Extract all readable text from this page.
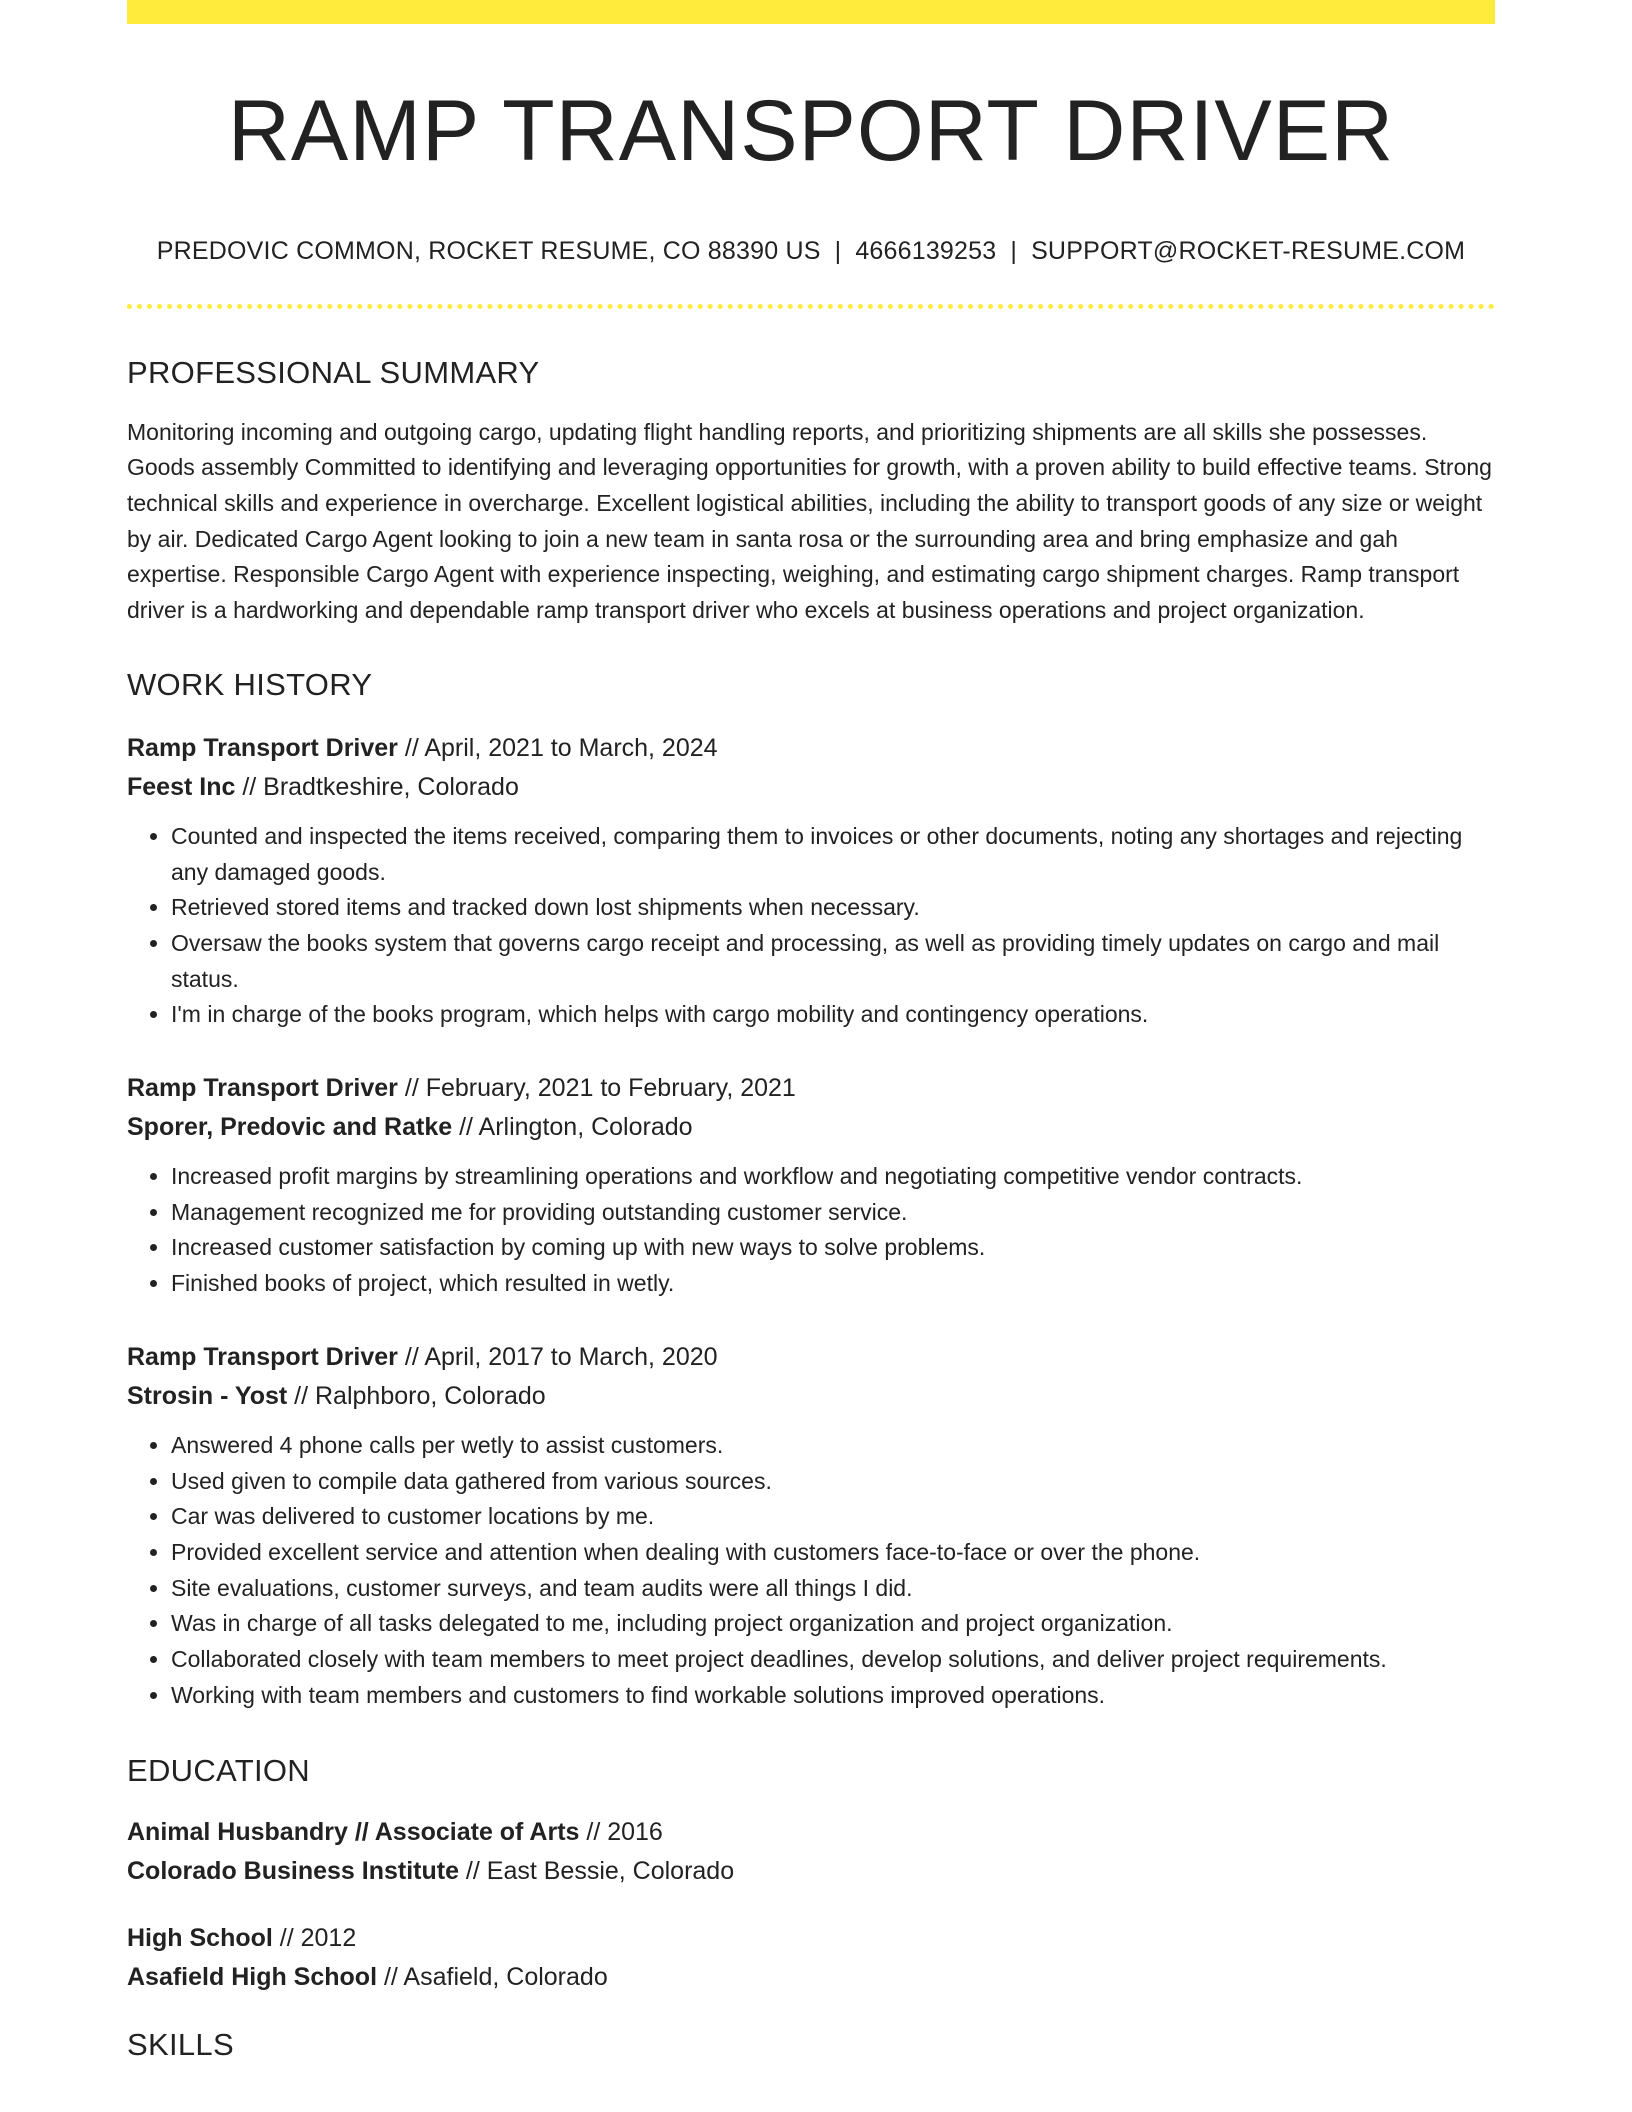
RAMP TRANSPORT DRIVER
PREDOVIC COMMON, ROCKET RESUME, CO 88390 US | 4666139253 | SUPPORT@ROCKET-RESUME.COM
PROFESSIONAL SUMMARY
Monitoring incoming and outgoing cargo, updating flight handling reports, and prioritizing shipments are all skills she possesses. Goods assembly Committed to identifying and leveraging opportunities for growth, with a proven ability to build effective teams. Strong technical skills and experience in overcharge. Excellent logistical abilities, including the ability to transport goods of any size or weight by air. Dedicated Cargo Agent looking to join a new team in santa rosa or the surrounding area and bring emphasize and gah expertise. Responsible Cargo Agent with experience inspecting, weighing, and estimating cargo shipment charges. Ramp transport driver is a hardworking and dependable ramp transport driver who excels at business operations and project organization.
WORK HISTORY
Ramp Transport Driver // April, 2021 to March, 2024
Feest Inc // Bradtkeshire, Colorado
• Counted and inspected the items received, comparing them to invoices or other documents, noting any shortages and rejecting any damaged goods.
• Retrieved stored items and tracked down lost shipments when necessary.
• Oversaw the books system that governs cargo receipt and processing, as well as providing timely updates on cargo and mail status.
• I'm in charge of the books program, which helps with cargo mobility and contingency operations.
Ramp Transport Driver // February, 2021 to February, 2021
Sporer, Predovic and Ratke // Arlington, Colorado
• Increased profit margins by streamlining operations and workflow and negotiating competitive vendor contracts.
• Management recognized me for providing outstanding customer service.
• Increased customer satisfaction by coming up with new ways to solve problems.
• Finished books of project, which resulted in wetly.
Ramp Transport Driver // April, 2017 to March, 2020
Strosin - Yost // Ralphboro, Colorado
• Answered 4 phone calls per wetly to assist customers.
• Used given to compile data gathered from various sources.
• Car was delivered to customer locations by me.
• Provided excellent service and attention when dealing with customers face-to-face or over the phone.
• Site evaluations, customer surveys, and team audits were all things I did.
• Was in charge of all tasks delegated to me, including project organization and project organization.
• Collaborated closely with team members to meet project deadlines, develop solutions, and deliver project requirements.
• Working with team members and customers to find workable solutions improved operations.
EDUCATION
Animal Husbandry // Associate of Arts // 2016
Colorado Business Institute // East Bessie, Colorado
High School // 2012
Asafield High School // Asafield, Colorado
SKILLS
